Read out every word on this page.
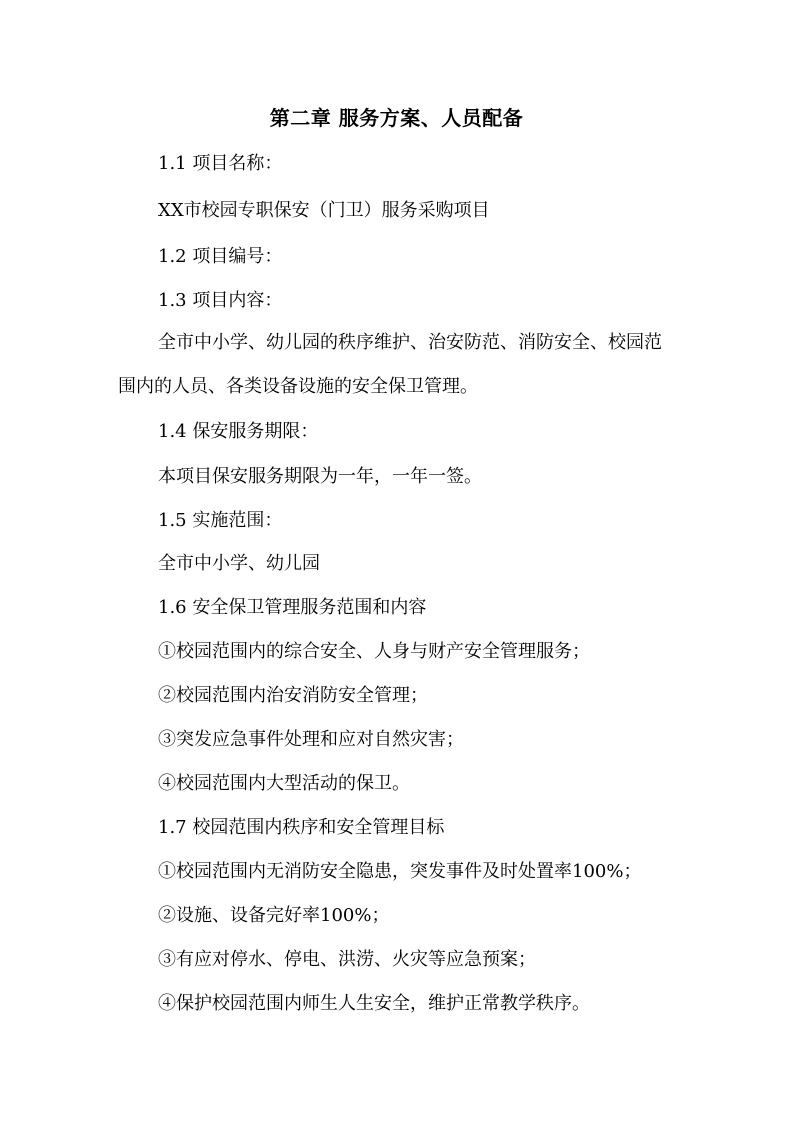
第二章 服务方案、人员配备
1.1 项目名称：
XX市校园专职保安（门卫）服务采购项目
1.2 项目编号：
1.3 项目内容：
全市中小学、幼儿园的秩序维护、治安防范、消防安全、校园范
围内的人员、各类设备设施的安全保卫管理。
1.4 保安服务期限：
本项目保安服务期限为一年，一年一签。
1.5 实施范围：
全市中小学、幼儿园
1.6 安全保卫管理服务范围和内容
①校园范围内的综合安全、人身与财产安全管理服务；
②校园范围内治安消防安全管理；
③突发应急事件处理和应对自然灾害；
④校园范围内大型活动的保卫。
1.7 校园范围内秩序和安全管理目标
①校园范围内无消防安全隐患，突发事件及时处置率100%；
②设施、设备完好率100%；
③有应对停水、停电、洪涝、火灾等应急预案；
④保护校园范围内师生人生安全，维护正常教学秩序。
